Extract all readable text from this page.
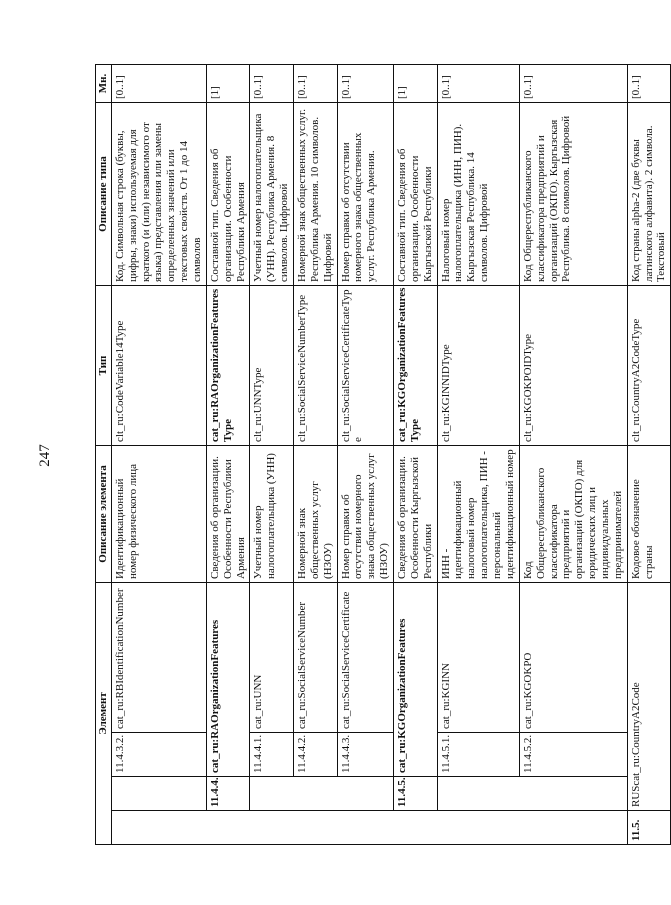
247
Элемент				Описание элемента	Тип	Описание типа	Мн.
		11.4.3.2.	cat_ru:RBIdentificationNumber	Идентификационный номер физического лица	clt_ru:CodeVariable14Type	Код. Символьная строка (буквы, цифры, знаки) используемая для краткого (и (или) независимого от языка) представления или замены определенных значений или текстовых свойств. От 1 до 14 символов	[0..1]
	11.4.4.	cat_ru:RAOrganizationFeatures		Сведения об организации. Особенности Республики Армения	cat_ru:RAOrganizationFeatures Type	Составной тип. Сведения об организации. Особенности Республики Армения	[1]
		11.4.4.1.	cat_ru:UNN	Учетный номер налогоплательщика (УНН)	clt_ru:UNNType	Учетный номер налогоплательщика (УНН). Республика Армения. 8 символов. Цифровой	[0..1]
		11.4.4.2.	cat_ru:SocialServiceNumber	Номерной знак общественных услуг (НЗОУ)	clt_ru:SocialServiceNumberType	Номерной знак общественных услуг. Республика Армения. 10 символов. Цифровой	[0..1]
		11.4.4.3.	cat_ru:SocialServiceCertificate	Номер справки об отсутствии номерного знака общественных услуг (НЗОУ)	clt_ru:SocialServiceCertificateTyp e	Номер справки об отсутствии номерного знака общественных услуг. Республика Армения.	[0..1]
	11.4.5.	cat_ru:KGOrganizationFeatures		Сведения об организации. Особенности Кыргызской Республики	cat_ru:KGOrganizationFeatures Type	Составной тип. Сведения об организации. Особенности Кыргызской Республики	[1]
		11.4.5.1.	cat_ru:KGINN	ИНН - идентификационный налоговый номер налогоплательщика, ПИН - персональный идентификационный номер	clt_ru:KGINNIDType	Налоговый номер налогоплательщика (ИНН, ПИН). Кыргызская Республика. 14 символов. Цифровой	[0..1]
		11.4.5.2.	cat_ru:KGOKPO	Код Общереспубликанского классификатора предприятий и организаций (ОКПО) для юридических лиц и индивидуальных предпринимателей	clt_ru:KGOKPOIDType	Код Общереспубликанского классификатора предприятий и организаций (ОКПО). Кыргызская Республика. 8 символов. Цифровой	[0..1]
11.5.	RUScat_ru:CountryA2Code			Кодовое обозначение страны	clt_ru:CountryA2CodeType	Код страны alpha-2 (две буквы латинского алфавита). 2 символа. Текстовый	[0..1]
